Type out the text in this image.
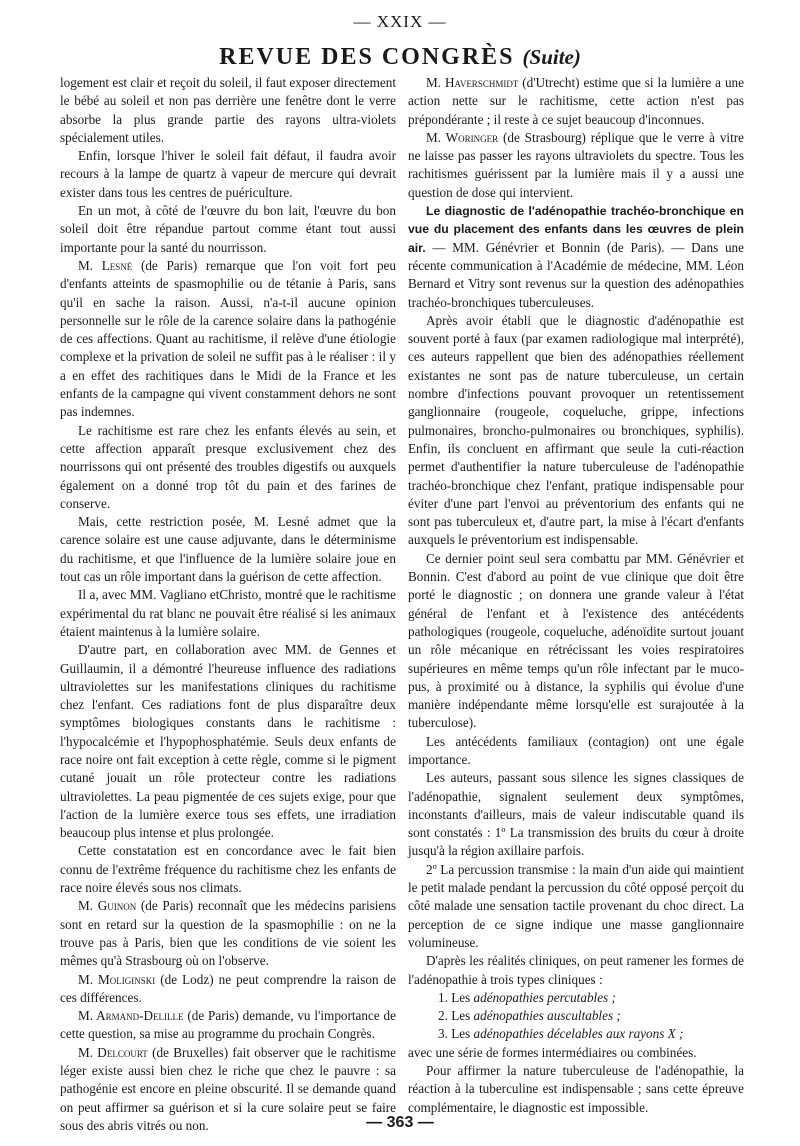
— XXIX —
REVUE DES CONGRÈS (Suite)

logement est clair et reçoit du soleil, il faut exposer directement le bébé au soleil et non pas derrière une fenêtre dont le verre absorbe la plus grande partie des rayons ultra-violets spécialement utiles.

Enfin, lorsque l'hiver le soleil fait défaut, il faudra avoir recours à la lampe de quartz à vapeur de mercure qui devrait exister dans tous les centres de puériculture.

En un mot, à côté de l'œuvre du bon lait, l'œuvre du bon soleil doit être répandue partout comme étant tout aussi importante pour la santé du nourrisson.

M. Lesné (de Paris) remarque que l'on voit fort peu d'enfants atteints de spasmophilie ou de tétanie à Paris, sans qu'il en sache la raison. Aussi, n'a-t-il aucune opinion personnelle sur le rôle de la carence solaire dans la pathogénie de ces affections. Quant au rachitisme, il relève d'une étiologie complexe et la privation de soleil ne suffit pas à le réaliser : il y a en effet des rachitiques dans le Midi de la France et les enfants de la campagne qui vivent constamment dehors ne sont pas indemnes.

Le rachitisme est rare chez les enfants élevés au sein, et cette affection apparaît presque exclusivement chez des nourrissons qui ont présenté des troubles digestifs ou auxquels également on a donné trop tôt du pain et des farines de conserve.

Mais, cette restriction posée, M. Lesné admet que la carence solaire est une cause adjuvante, dans le déterminisme du rachitisme, et que l'influence de la lumière solaire joue en tout cas un rôle important dans la guérison de cette affection.

Il a, avec MM. Vagliano etChristo, montré que le rachitisme expérimental du rat blanc ne pouvait être réalisé si les animaux étaient maintenus à la lumière solaire.

D'autre part, en collaboration avec MM. de Gennes et Guillaumin, il a démontré l'heureuse influence des radiations ultraviolettes sur les manifestations cliniques du rachitisme chez l'enfant. Ces radiations font de plus disparaître deux symptômes biologiques constants dans le rachitisme : l'hypocalcémie et l'hypophosphatémie. Seuls deux enfants de race noire ont fait exception à cette règle, comme si le pigment cutané jouait un rôle protecteur contre les radiations ultraviolettes. La peau pigmentée de ces sujets exige, pour que l'action de la lumière exerce tous ses effets, une irradiation beaucoup plus intense et plus prolongée.

Cette constatation est en concordance avec le fait bien connu de l'extrême fréquence du rachitisme chez les enfants de race noire élevés sous nos climats.

M. Guinon (de Paris) reconnaît que les médecins parisiens sont en retard sur la question de la spasmophilie : on ne la trouve pas à Paris, bien que les conditions de vie soient les mêmes qu'à Strasbourg où on l'observe.

M. Moliginski (de Lodz) ne peut comprendre la raison de ces différences.

M. Armand-Delille (de Paris) demande, vu l'importance de cette question, sa mise au programme du prochain Congrès.

M. Delcourt (de Bruxelles) fait observer que le rachitisme léger existe aussi bien chez le riche que chez le pauvre : sa pathogénie est encore en pleine obscurité. Il se demande quand on peut affirmer sa guérison et si la cure solaire peut se faire sous des abris vitrés ou non.

M. Haverschmidt (d'Utrecht) estime que si la lumière a une action nette sur le rachitisme, cette action n'est pas prépondérante ; il reste à ce sujet beaucoup d'inconnues.

M. Woringer (de Strasbourg) réplique que le verre à vitre ne laisse pas passer les rayons ultraviolets du spectre. Tous les rachitismes guérissent par la lumière mais il y a aussi une question de dose qui intervient.

Le diagnostic de l'adénopathie trachéo-bronchique en vue du placement des enfants dans les œuvres de plein air. — MM. Génévrier et Bonnin (de Paris). — Dans une récente communication à l'Académie de médecine, MM. Léon Bernard et Vitry sont revenus sur la question des adénopathies trachéo-bronchiques tuberculeuses.

Après avoir établi que le diagnostic d'adénopathie est souvent porté à faux (par examen radiologique mal interprété), ces auteurs rappellent que bien des adénopathies réellement existantes ne sont pas de nature tuberculeuse, un certain nombre d'infections pouvant provoquer un retentissement ganglionnaire (rougeole, coqueluche, grippe, infections pulmonaires, broncho-pulmonaires ou bronchiques, syphilis). Enfin, ils concluent en affirmant que seule la cuti-réaction permet d'authentifier la nature tuberculeuse de l'adénopathie trachéo-bronchique chez l'enfant, pratique indispensable pour éviter d'une part l'envoi au préventorium des enfants qui ne sont pas tuberculeux et, d'autre part, la mise à l'écart d'enfants auxquels le préventorium est indispensable.

Ce dernier point seul sera combattu par MM. Génévrier et Bonnin. C'est d'abord au point de vue clinique que doit être porté le diagnostic ; on donnera une grande valeur à l'état général de l'enfant et à l'existence des antécédents pathologiques (rougeole, coqueluche, adénoïdite surtout jouant un rôle mécanique en rétrécissant les voies respiratoires supérieures en même temps qu'un rôle infectant par le muco-pus, à proximité ou à distance, la syphilis qui évolue d'une manière indépendante même lorsqu'elle est surajoutée à la tuberculose).

Les antécédents familiaux (contagion) ont une égale importance.

Les auteurs, passant sous silence les signes classiques de l'adénopathie, signalent seulement deux symptômes, inconstants d'ailleurs, mais de valeur indiscutable quand ils sont constatés : 1º La transmission des bruits du cœur à droite jusqu'à la région axillaire parfois.

2º La percussion transmise : la main d'un aide qui maintient le petit malade pendant la percussion du côté opposé perçoit du côté malade une sensation tactile provenant du choc direct. La perception de ce signe indique une masse ganglionnaire volumineuse.

D'après les réalités cliniques, on peut ramener les formes de l'adénopathie à trois types cliniques :

1. Les adénopathies percutables ;

2. Les adénopathies auscultables ;

3. Les adénopathies décelables aux rayons X ;

avec une série de formes intermédiaires ou combinées.

Pour affirmer la nature tuberculeuse de l'adénopathie, la réaction à la tuberculine est indispensable ; sans cette épreuve complémentaire, le diagnostic est impossible.

— 363 —
